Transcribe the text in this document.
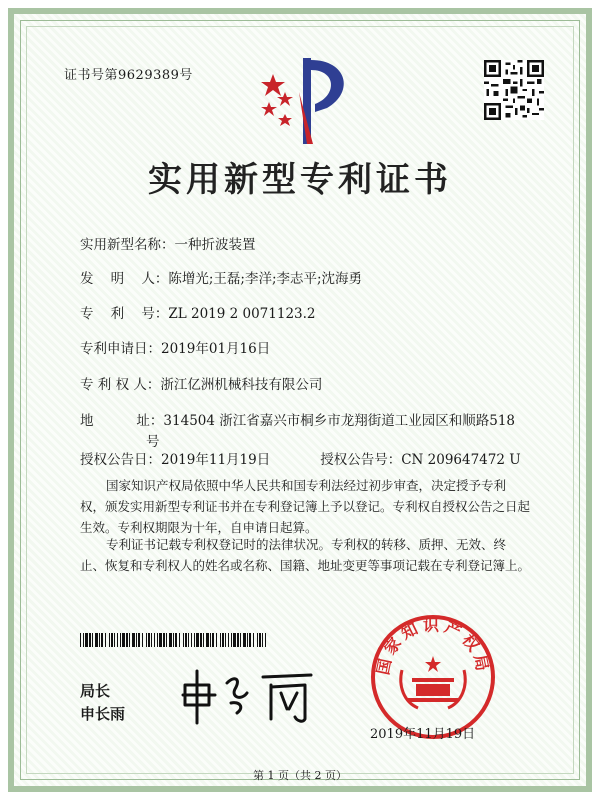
证书号第9629389号
实用新型专利证书
实用新型名称： 一种折波装置
发    明    人： 陈增光;王磊;李洋;李志平;沈海勇
专    利    号： ZL 2019 2 0071123.2
专利申请日： 2019年01月16日
专 利 权 人： 浙江亿洲机械科技有限公司
地          址： 314504 浙江省嘉兴市桐乡市龙翔街道工业园区和顺路518
号
授权公告日： 2019年11月19日	授权公告号： CN 209647472 U
国家知识产权局依照中华人民共和国专利法经过初步审查，决定授予专利权，颁发实用新型专利证书并在专利登记簿上予以登记。专利权自授权公告之日起生效。专利权期限为十年，自申请日起算。
专利证书记载专利权登记时的法律状况。专利权的转移、质押、无效、终止、恢复和专利权人的姓名或名称、国籍、地址变更等事项记载在专利登记簿上。
局长
申长雨
国家知识产权局
2019年11月19日
第 1 页（共 2 页）
